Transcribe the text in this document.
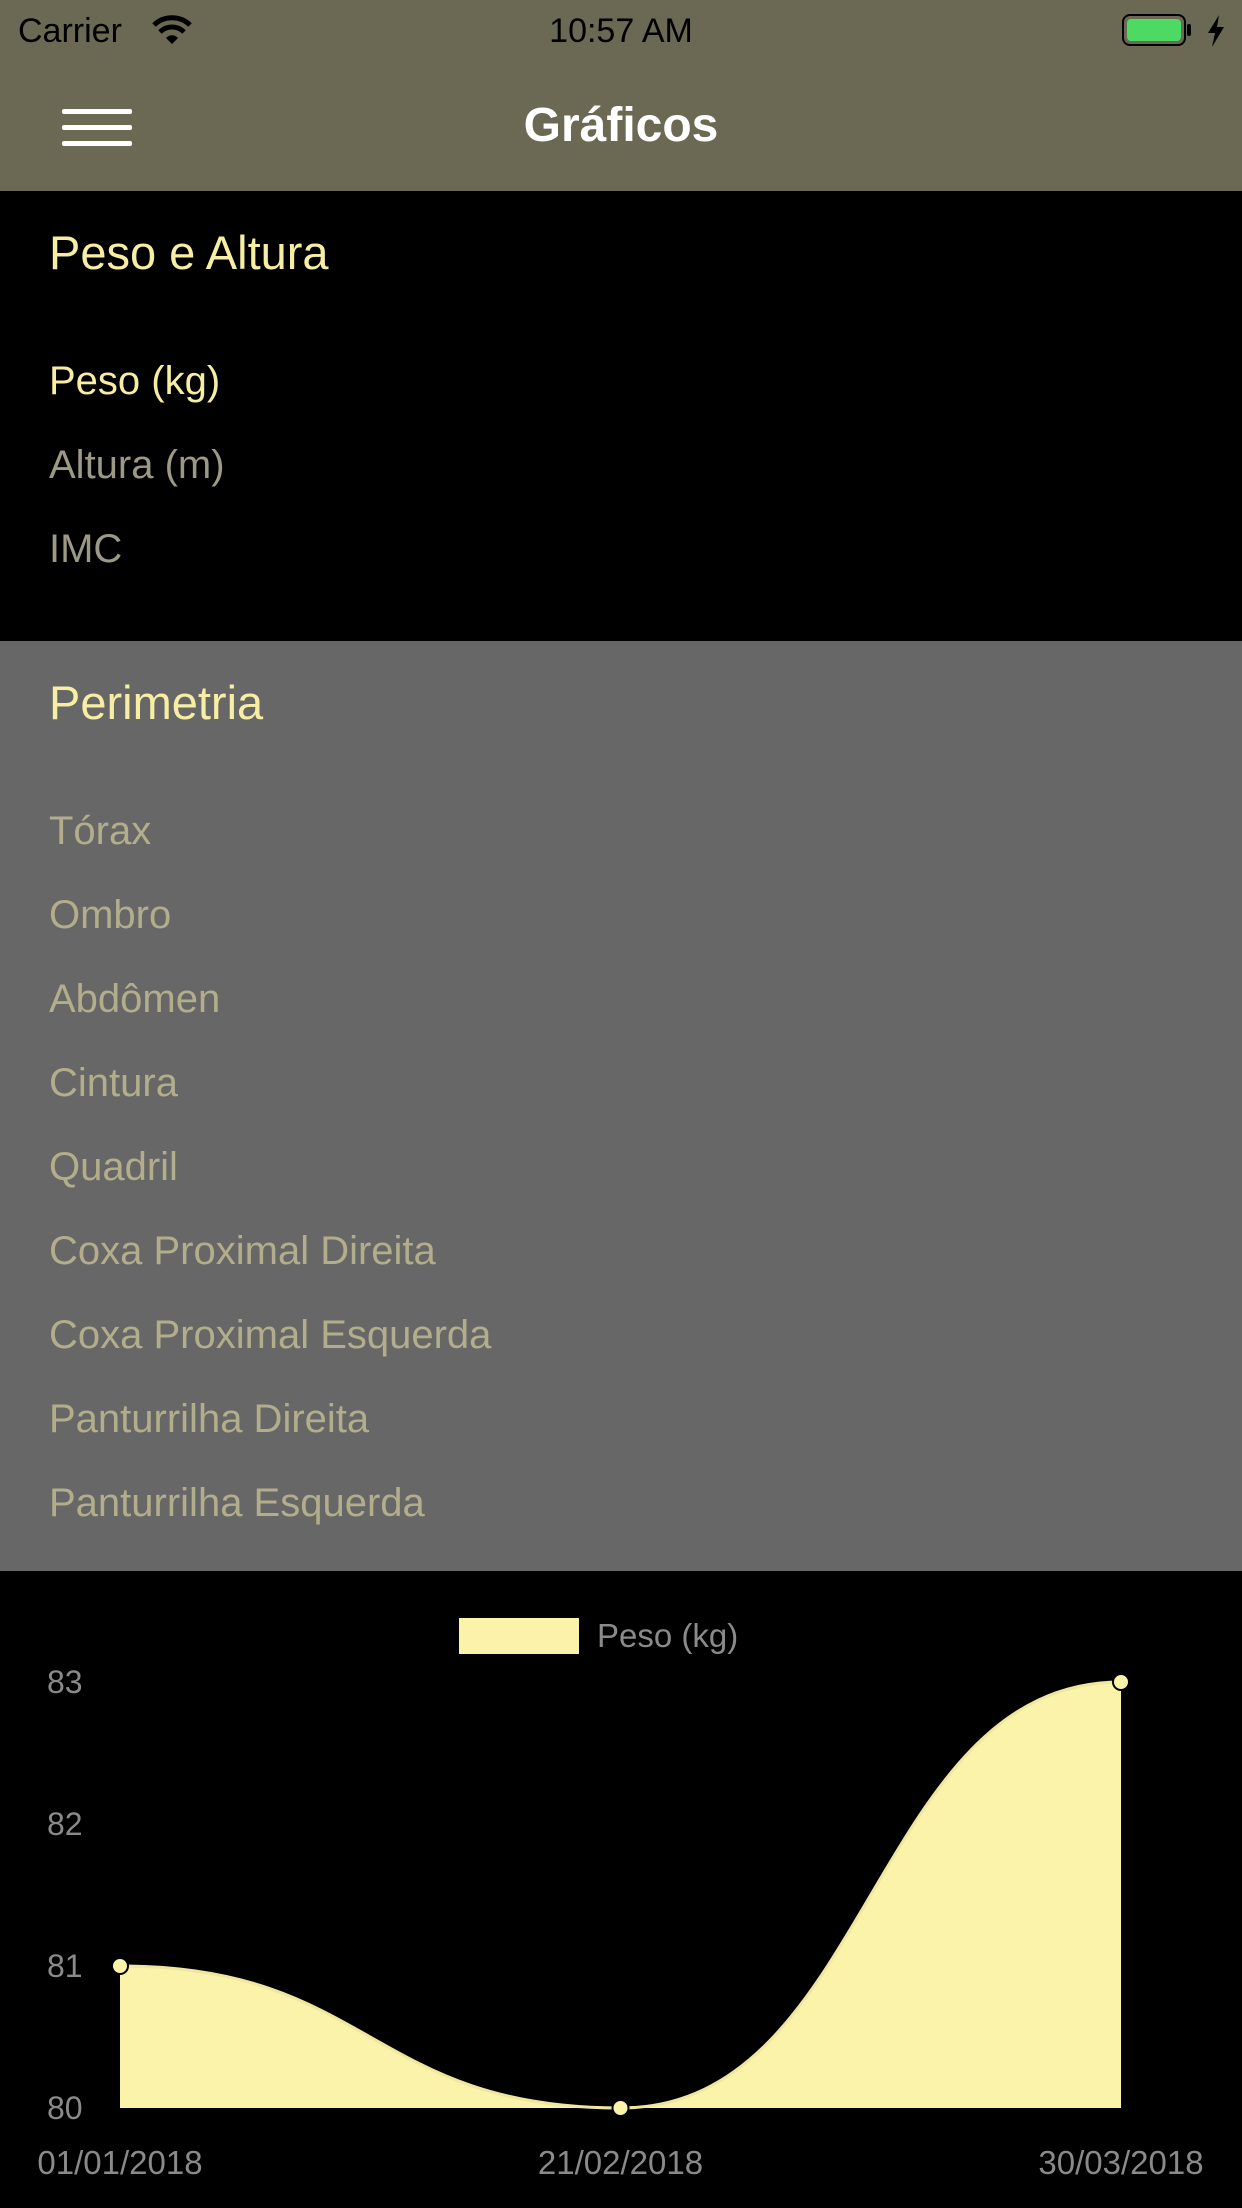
Carrier	10:57 AM
Gráficos
Peso e Altura
Peso (kg)
Altura (m)
IMC
Perimetria
Tórax
Ombro
Abdômen
Cintura
Quadril
Coxa Proximal Direita
Coxa Proximal Esquerda
Panturrilha Direita
Panturrilha Esquerda
Peso (kg)
80
81
82
83
01/01/2018	21/02/2018	30/03/2018
